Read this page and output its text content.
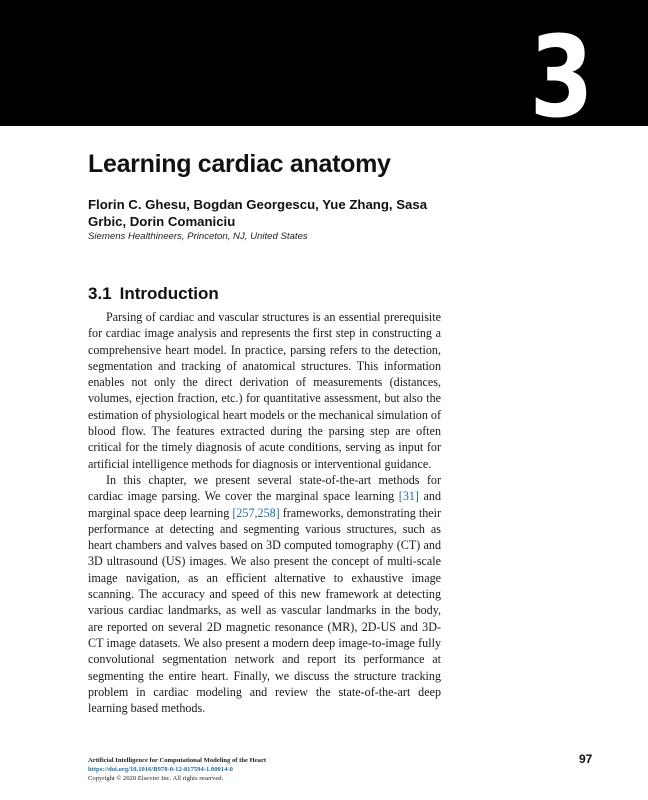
3
Learning cardiac anatomy

Florin C. Ghesu, Bogdan Georgescu, Yue Zhang, Sasa Grbic, Dorin Comaniciu

Siemens Healthineers, Princeton, NJ, United States

3.1 Introduction

Parsing of cardiac and vascular structures is an essential prerequisite for cardiac image analysis and represents the first step in constructing a comprehensive heart model. In practice, parsing refers to the detection, segmentation and tracking of anatomical structures. This information enables not only the direct derivation of measurements (distances, volumes, ejection fraction, etc.) for quantitative assessment, but also the estimation of physiological heart models or the mechanical simulation of blood flow. The features extracted during the parsing step are often critical for the timely diagnosis of acute conditions, serving as input for artificial intelligence methods for diagnosis or interventional guidance.

In this chapter, we present several state-of-the-art methods for cardiac image parsing. We cover the marginal space learning [31] and marginal space deep learning [257,258] frameworks, demonstrating their performance at detecting and segmenting various structures, such as heart chambers and valves based on 3D computed tomography (CT) and 3D ultrasound (US) images. We also present the concept of multi-scale image navigation, as an efficient alternative to exhaustive image scanning. The accuracy and speed of this new framework at detecting various cardiac landmarks, as well as vascular landmarks in the body, are reported on several 2D magnetic resonance (MR), 2D-US and 3D-CT image datasets. We also present a modern deep image-to-image fully convolutional segmentation network and report its performance at segmenting the entire heart. Finally, we discuss the structure tracking problem in cardiac modeling and review the state-of-the-art deep learning based methods.

Artificial Intelligence for Computational Modeling of the Heart
https://doi.org/10.1016/B978-0-12-817594-1.00014-0
Copyright © 2020 Elsevier Inc. All rights reserved.
97
